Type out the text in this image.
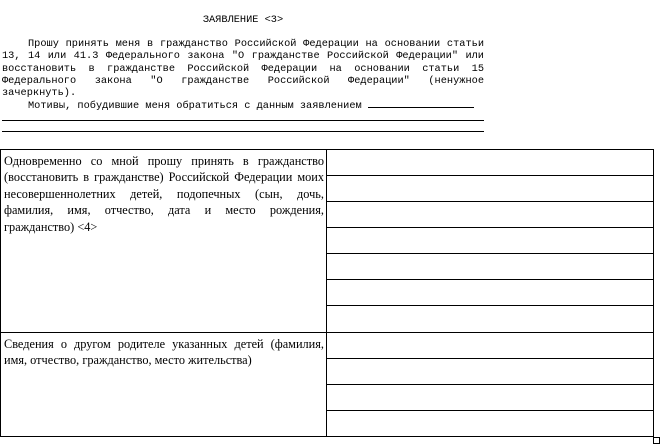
ЗАЯВЛЕНИЕ <3>
Прошу принять меня в гражданство Российской Федерации на основании статьи 13, 14 или 41.3 Федерального закона "О гражданстве Российской Федерации" или восстановить в гражданстве Российской Федерации на основании статьи 15 Федерального закона "О гражданстве Российской Федерации" (ненужное зачеркнуть).
Мотивы, побудившие меня обратиться с данным заявлением
Одновременно со мной прошу принять в гражданство (восстановить в гражданстве) Российской Федерации моих несовершеннолетних детей, подопечных (сын, дочь, фамилия, имя, отчество, дата и место рождения, гражданство) <4>	

Сведения о другом родителе указанных детей (фамилия, имя, отчество, гражданство, место жительства)	
